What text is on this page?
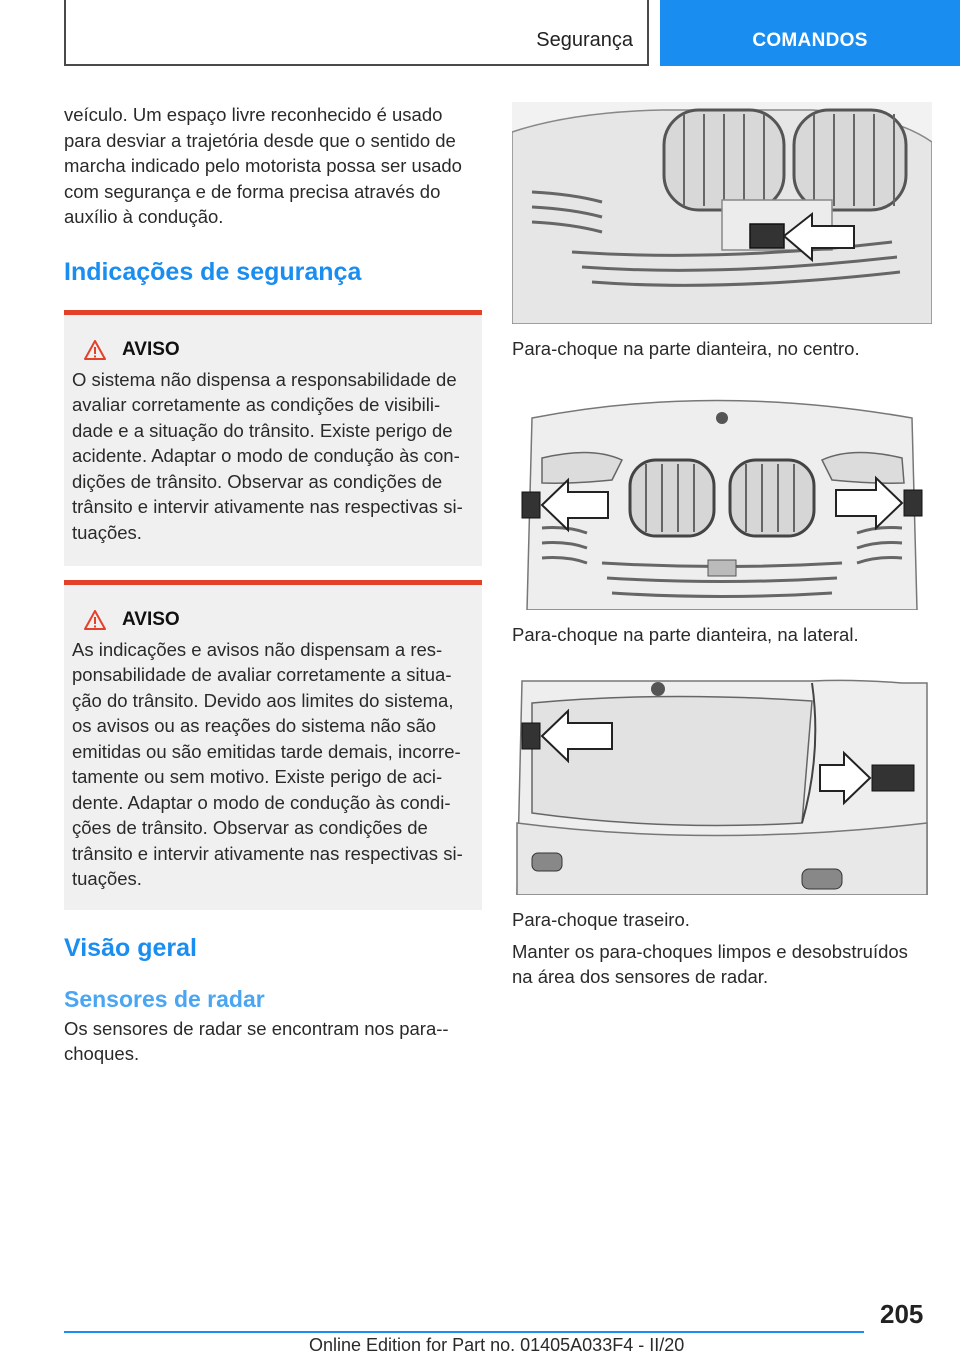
Segurança	COMANDOS

veículo. Um espaço livre reconhecido é usado para desviar a trajetória desde que o sentido de marcha indicado pelo motorista possa ser usado com segurança e de forma precisa através do auxílio à condução.

Indicações de segurança
AVISO

O sistema não dispensa a responsabilidade de avaliar corretamente as condições de visibilidade e a situação do trânsito. Existe perigo de acidente. Adaptar o modo de condução às condições de trânsito. Observar as condições de trânsito e intervir ativamente nas respectivas situações.

AVISO

As indicações e avisos não dispensam a responsabilidade de avaliar corretamente a situação do trânsito. Devido aos limites do sistema, os avisos ou as reações do sistema não são emitidas ou são emitidas tarde demais, incorretamente ou sem motivo. Existe perigo de acidente. Adaptar o modo de condução às condições de trânsito. Observar as condições de trânsito e intervir ativamente nas respectivas situações.

Visão geral
Sensores de radar

Os sensores de radar se encontram nos para-choques.

Para-choque na parte dianteira, no centro.

Para-choque na parte dianteira, na lateral.

Para-choque traseiro.

Manter os para-choques limpos e desobstruídos na área dos sensores de radar.

205
Online Edition for Part no. 01405A033F4 - II/20
